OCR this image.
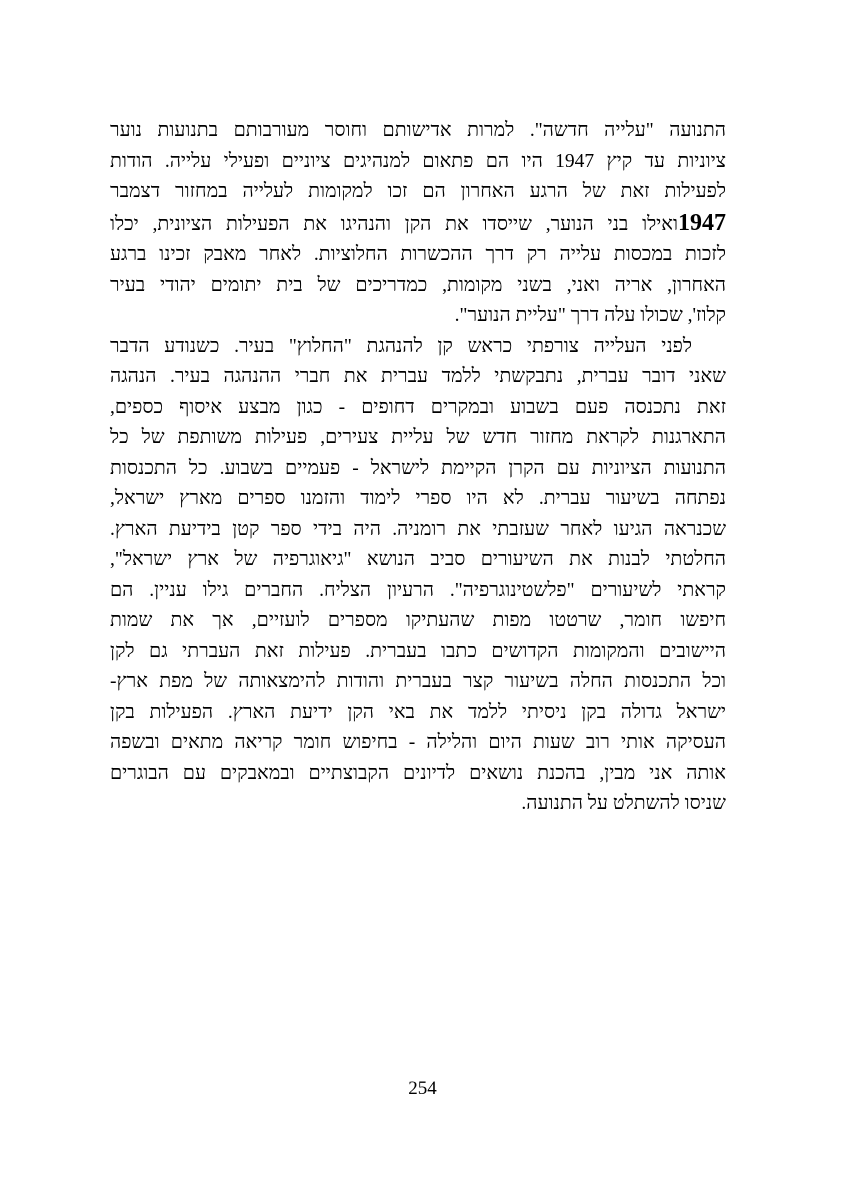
התנועה "עלייה חדשה". למרות אדישותם וחוסר מעורבותם בתנועות נוער
ציוניות עד קיץ 1947 היו הם פתאום למנהיגים ציוניים ופעילי עלייה. הודות
לפעילות זאת של הרגע האחרון הם זכו למקומות לעלייה במחזור דצמבר
1947ואילו בני הנוער, שייסדו את הקן והנהיגו את הפעילות הציונית, יכלו
לזכות במכסות עלייה רק דרך ההכשרות החלוציות. לאחר מאבק זכינו ברגע
האחרון, אריה ואני, בשני מקומות, כמדריכים של בית יתומים יהודי בעיר
קלוז', שכולו עלה דרך "עליית הנוער".

לפני העלייה צורפתי כראש קן להנהגת "החלוץ" בעיר. כשנודע הדבר
שאני דובר עברית, נתבקשתי ללמד עברית את חברי ההנהגה בעיר. הנהגה
זאת נתכנסה פעם בשבוע ובמקרים דחופים - כגון מבצע איסוף כספים,
התארגנות לקראת מחזור חדש של עליית צעירים, פעילות משותפת של כל
התנועות הציוניות עם הקרן הקיימת לישראל - פעמיים בשבוע. כל התכנסות
נפתחה בשיעור עברית. לא היו ספרי לימוד והזמנו ספרים מארץ ישראל,
שכנראה הגיעו לאחר שעזבתי את רומניה. היה בידי ספר קטן בידיעת הארץ.
החלטתי לבנות את השיעורים סביב הנושא "גיאוגרפיה של ארץ ישראל",
קראתי לשיעורים "פלשטינוגרפיה". הרעיון הצליח. החברים גילו עניין. הם
חיפשו חומר, שרטטו מפות שהעתיקו מספרים לועזיים, אך את שמות
היישובים והמקומות הקדושים כתבו בעברית. פעילות זאת העברתי גם לקן
וכל התכנסות החלה בשיעור קצר בעברית והודות להימצאותה של מפת ארץ-
ישראל גדולה בקן ניסיתי ללמד את באי הקן ידיעת הארץ. הפעילות בקן
העסיקה אותי רוב שעות היום והלילה - בחיפוש חומר קריאה מתאים ובשפה
אותה אני מבין, בהכנת נושאים לדיונים הקבוצתיים ובמאבקים עם הבוגרים
שניסו להשתלט על התנועה.

254
